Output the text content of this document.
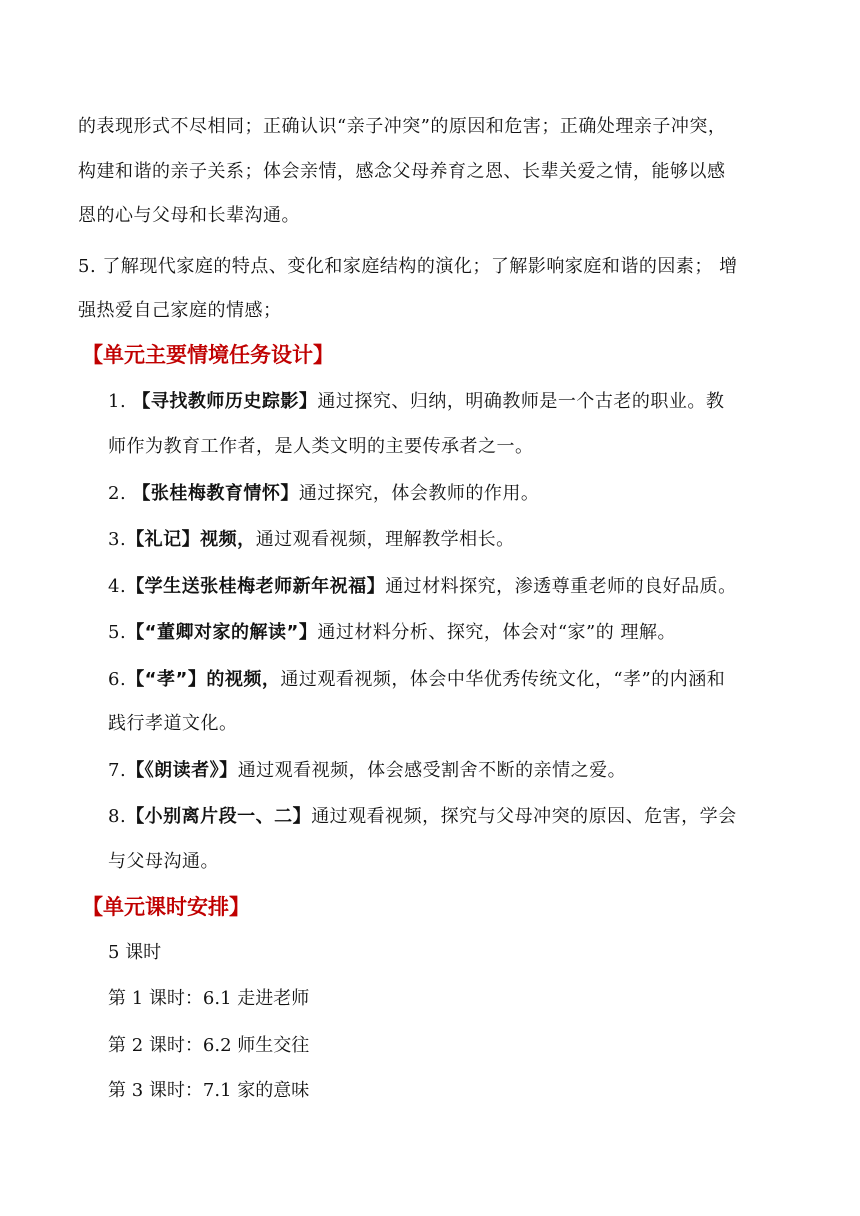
的表现形式不尽相同；正确认识“亲子冲突”的原因和危害；正确处理亲子冲突，
构建和谐的亲子关系；体会亲情，感念父母养育之恩、长辈关爱之情，能够以感
恩的心与父母和长辈沟通。
5. 了解现代家庭的特点、变化和家庭结构的演化；了解影响家庭和谐的因素； 增
强热爱自己家庭的情感；
【单元主要情境任务设计】
1. 【寻找教师历史踪影】通过探究、归纳，明确教师是一个古老的职业。教
师作为教育工作者，是人类文明的主要传承者之一。
2. 【张桂梅教育情怀】通过探究，体会教师的作用。
3.【礼记】视频，通过观看视频，理解教学相长。
4.【学生送张桂梅老师新年祝福】通过材料探究，渗透尊重老师的良好品质。
5.【“董卿对家的解读”】通过材料分析、探究，体会对“家”的 理解。
6.【“孝”】的视频，通过观看视频，体会中华优秀传统文化，“孝”的内涵和
践行孝道文化。
7.【《朗读者》】通过观看视频，体会感受割舍不断的亲情之爱。
8.【小别离片段一、二】通过观看视频，探究与父母冲突的原因、危害，学会
与父母沟通。
【单元课时安排】
5 课时
第 1 课时：6.1 走进老师
第 2 课时：6.2 师生交往
第 3 课时：7.1 家的意味
